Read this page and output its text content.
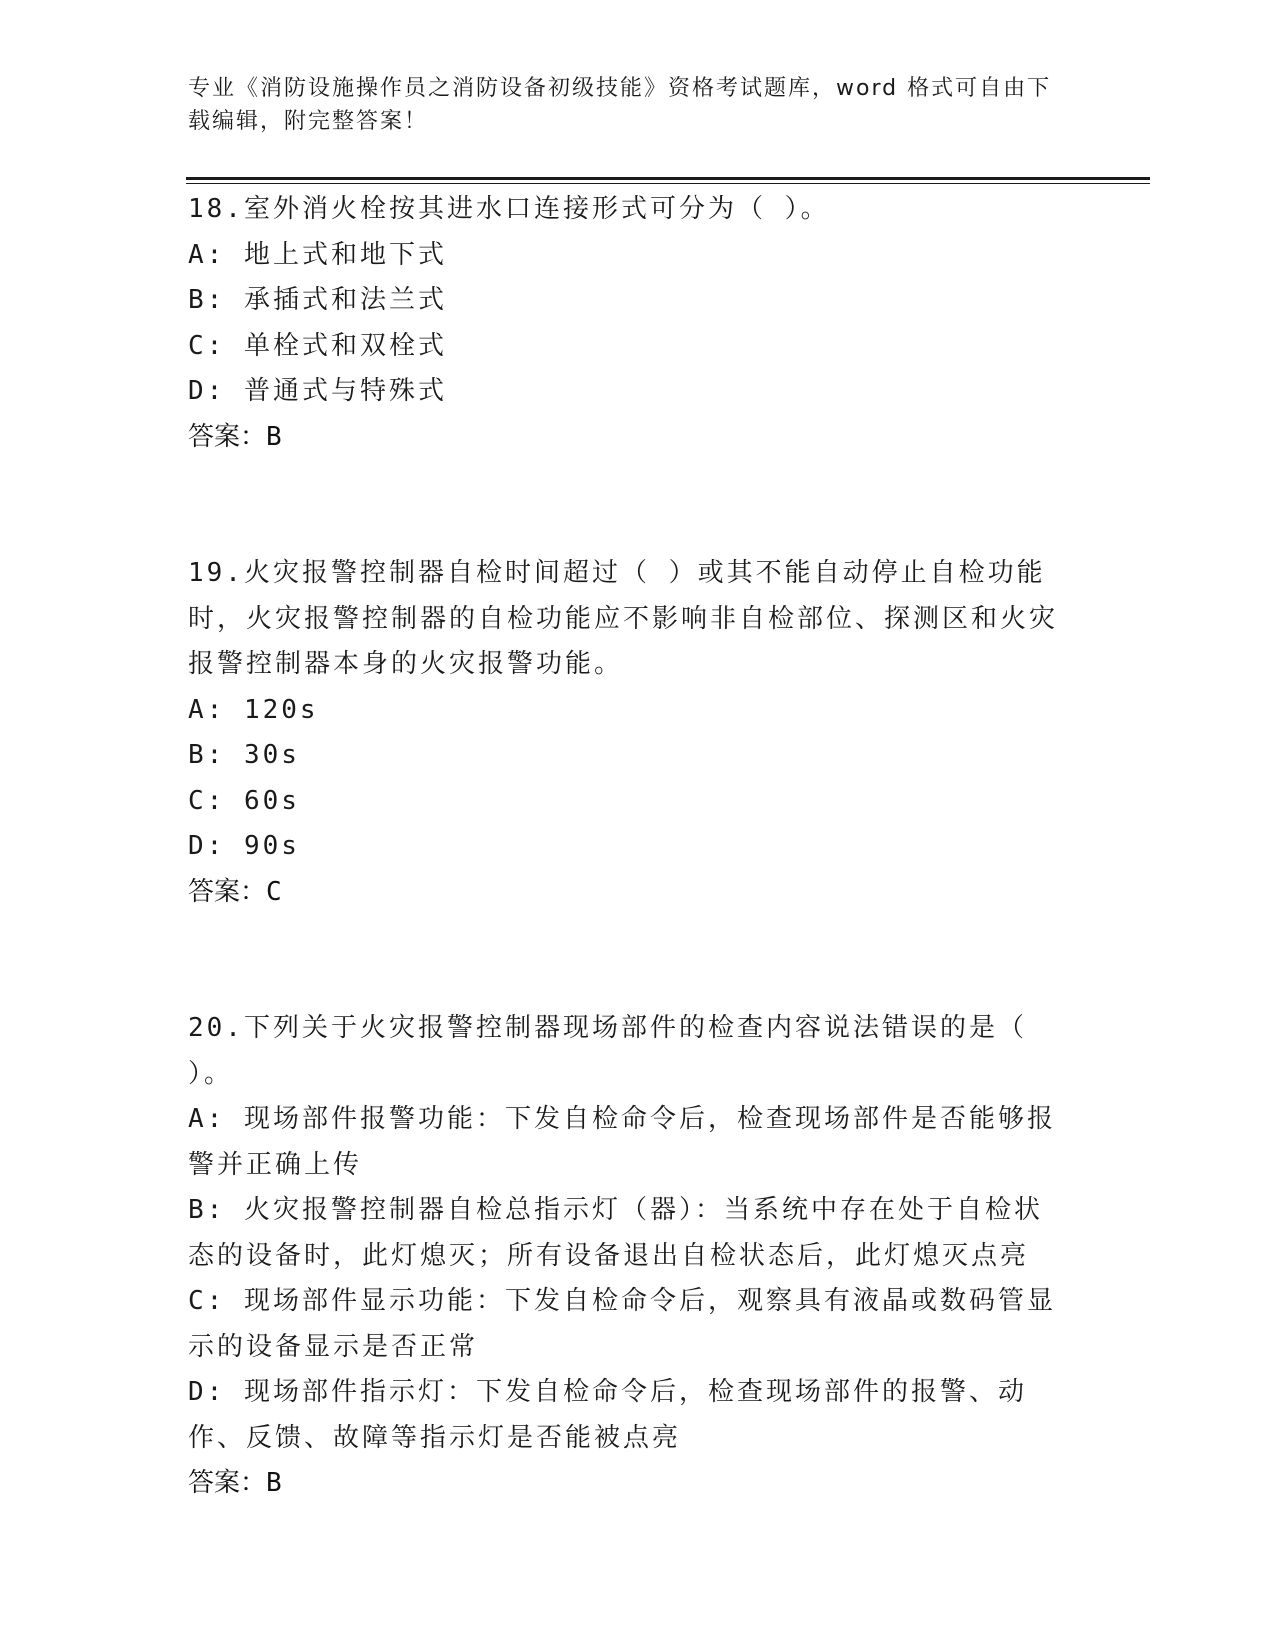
专业《消防设施操作员之消防设备初级技能》资格考试题库，word 格式可自由下载编辑，附完整答案！
18.室外消火栓按其进水口连接形式可分为（ ）。
A: 地上式和地下式
B: 承插式和法兰式
C: 单栓式和双栓式
D: 普通式与特殊式
答案：B
19.火灾报警控制器自检时间超过（ ）或其不能自动停止自检功能时，火灾报警控制器的自检功能应不影响非自检部位、探测区和火灾报警控制器本身的火灾报警功能。
A: 120s
B: 30s
C: 60s
D: 90s
答案：C
20.下列关于火灾报警控制器现场部件的检查内容说法错误的是（ ）。
A: 现场部件报警功能：下发自检命令后，检查现场部件是否能够报警并正确上传
B: 火灾报警控制器自检总指示灯（器）：当系统中存在处于自检状态的设备时，此灯熄灭；所有设备退出自检状态后，此灯熄灭点亮
C: 现场部件显示功能：下发自检命令后，观察具有液晶或数码管显示的设备显示是否正常
D: 现场部件指示灯：下发自检命令后，检查现场部件的报警、动作、反馈、故障等指示灯是否能被点亮
答案：B
